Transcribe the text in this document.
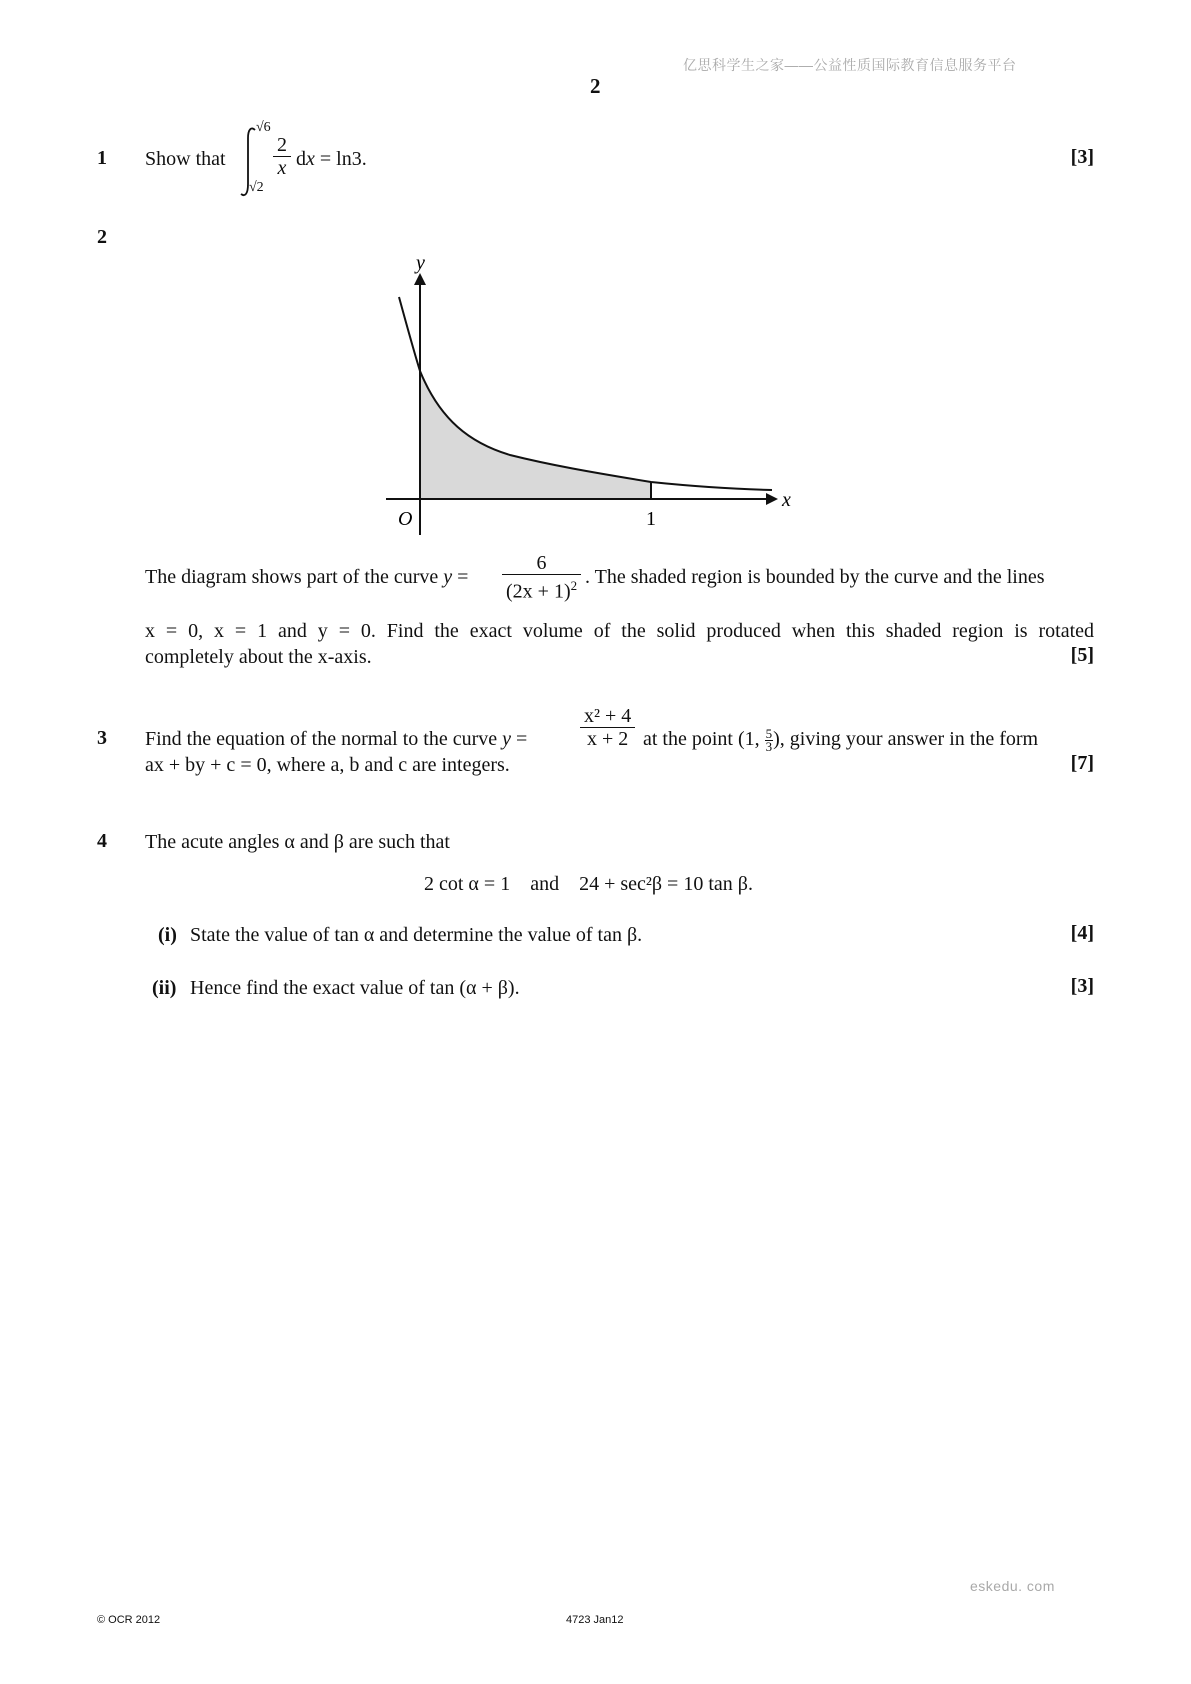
亿思科学生之家——公益性质国际教育信息服务平台
2
1 Show that
√6
√2
$\frac{2}{x}$ dx = ln3.	[3]
2
y
x
O	1
The diagram shows part of the curve $y = \frac{6}{(2x + 1)^2}$ . The shaded region is bounded by the curve and the lines
x = 0, x = 1 and y = 0. Find the exact volume of the solid produced when this shaded region is rotated
completely about the x-axis.	[5]
3 Find the equation of the normal to the curve y =	$\frac{\text{x² + 4}}{x + 2}$ at the point (1, $\frac{5}{3}$ ), giving your answer in the form
ax + by + c = 0, where a, b and c are integers.	[7]
4 The acute angles α and β are such that
2 cot α = 1    and    24 + sec²β = 10 tan β.
(i) State the value of tan α and determine the value of tan β.	[4]
(ii) Hence find the exact value of tan (α + β).	[3]
eskedu. com
© OCR 2012	4723 Jan12
